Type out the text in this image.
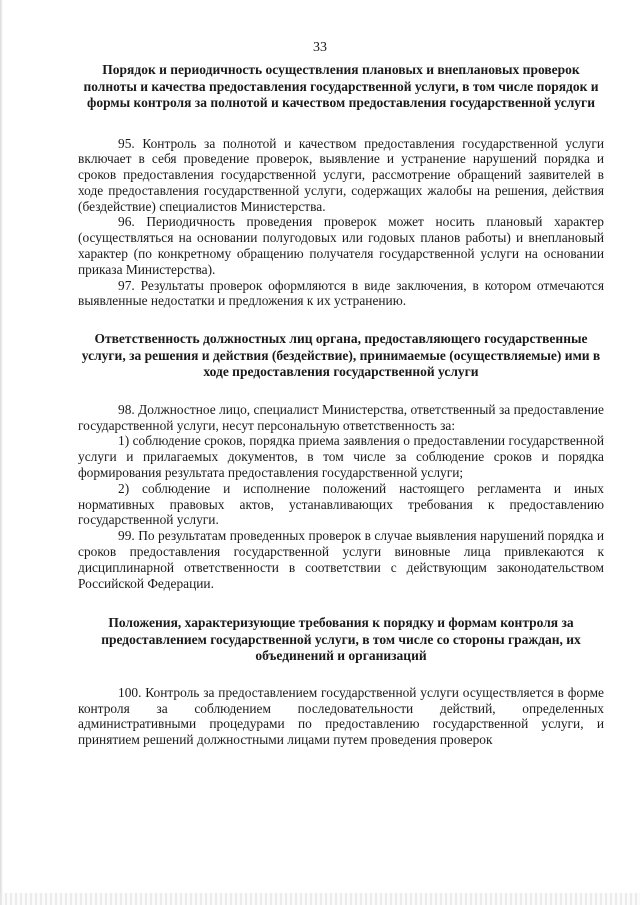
33
Порядок и периодичность осуществления плановых и внеплановых проверок полноты и качества предоставления государственной услуги, в том числе порядок и формы контроля за полнотой и качеством предоставления государственной услуги

95. Контроль за полнотой и качеством предоставления государственной услуги включает в себя проведение проверок, выявление и устранение нарушений порядка и сроков предоставления государственной услуги, рассмотрение обращений заявителей в ходе предоставления государственной услуги, содержащих жалобы на решения, действия (бездействие) специалистов Министерства.

96. Периодичность проведения проверок может носить плановый характер (осуществляться на основании полугодовых или годовых планов работы) и внеплановый характер (по конкретному обращению получателя государственной услуги на основании приказа Министерства).

97. Результаты проверок оформляются в виде заключения, в котором отмечаются выявленные недостатки и предложения к их устранению.

Ответственность должностных лиц органа, предоставляющего государственные услуги, за решения и действия (бездействие), принимаемые (осуществляемые) ими в ходе предоставления государственной услуги

98. Должностное лицо, специалист Министерства, ответственный за предоставление государственной услуги, несут персональную ответственность за:

1) соблюдение сроков, порядка приема заявления о предоставлении государственной услуги и прилагаемых документов, в том числе за соблюдение сроков и порядка формирования результата предоставления государственной услуги;

2) соблюдение и исполнение положений настоящего регламента и иных нормативных правовых актов, устанавливающих требования к предоставлению государственной услуги.

99. По результатам проведенных проверок в случае выявления нарушений порядка и сроков предоставления государственной услуги виновные лица привлекаются к дисциплинарной ответственности в соответствии с действующим законодательством Российской Федерации.

Положения, характеризующие требования к порядку и формам контроля за предоставлением государственной услуги, в том числе со стороны граждан, их объединений и организаций

100. Контроль за предоставлением государственной услуги осуществляется в форме контроля за соблюдением последовательности действий, определенных административными процедурами по предоставлению государственной услуги, и принятием решений должностными лицами путем проведения проверок
